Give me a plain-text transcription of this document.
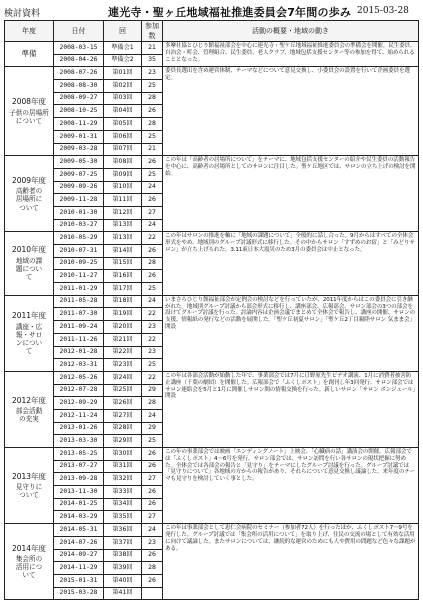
検討資料	連光寺・聖ヶ丘地域福祉推進委員会7年間の歩み 2015-03-28
年度	日付	回	参加数	活動の概要・地域の動き

準備	2008-03-15	準備会1	21	多摩社協とひじり館福祉部会を中心に連光寺・聖ケ丘地域福祉推進委員会の準備会を開催。民生委員、自治会・町会、管理組合、民生委員、老人クラブ、地域包括支援センター等の参加を得て、始められることとなった。
	2008-04-26	準備会2	35	

2008年度
子供の居場所
について	2008-07-26	第01回	23	委員長選出を含め運営体制、テーマなどについて意見交換し、小委員会の設置を行いて企画委員を選定。
	2008-08-30	第02回	25	
	2008-09-27	第03回	28	
	2008-10-25	第04回	26	
	2008-11-29	第05回	28	
	2009-01-31	第06回	25	
	2009-03-28	第07回	21	

2009年度
高齢者の
居場所に
ついて	2009-05-30	第08回	26	この年は「高齢者の居場所について」をテーマに、地域包括支援センターの紹介や民生委員の活動報告を中心に、高齢者の居場所としてのサロンに注目した。聖ケ丘地区では、サロンの立ち上げの検討を開始。
	2009-07-25	第09回	25	
	2009-09-26	第10回	24	
	2009-11-28	第11回	26	
	2010-01-30	第12回	27	
	2010-03-27	第13回	24	

2010年度
地域の課
題につい
て	2010-05-29	第13回	22	この年はサロンの推進を軸に「地域の課題について」全般的に話し合った。9月からはすべての全体会形式をやめ、地域別のグループ討議形式に移行した。その中からサロン「すずめのお宿」と「みどりサロン」が立ち上げられた。3.11東日本大震災のため3月の委員会は中止となった。
	2010-07-31	第14回	26	
	2010-09-25	第15回	28	
	2010-11-27	第16回	26	
	2011-01-29	第17回	25	

2011年度
講座・広
報・サロ
ンについ
て	2011-05-28	第18回	24	いまさらひじり館福祉部会が定例会の検討などを行っていたが、2011年度からはこの委員会に引き継がれた。地域別グループ討議から部会形式に移行し、講座部会、広報部会、サロン部会の3つの部会を設けてグループ討議を行った。討論内容は企画会議でまとめて全体会で報告し、講座の開催、サロンの支援、情報紙の発行などの活動を展開した。「聖ケ丘初夏サロン」「聖ケ丘2丁目親睦サロン 気まま会」開設
	2011-07-30	第19回	22	
	2011-09-24	第20回	23	
	2011-11-26	第21回	22	
	2012-01-28	第22回	23	
	2012-03-31	第23回	25	

2012年度
部会活動
の充実	2012-05-26	第24回	22	この年は各部会活動が始動した年で、事業部会では7月に日野原先生ビデオ講演、1月に消費者被害防止講座（千葉の劇団）を開催した。広報部会で「ふくしポスト」を創刊し年3回発行。サロン部会ではサロン連絡会を5月と1月に開催しサロン間の情報交換を行った。新しいサロン「サロン ボンジュール」開設
	2012-07-28	第25回	29	
	2012-09-29	第26回	28	
	2012-11-24	第27回	24	
	2013-01-26	第28回	29	
	2013-03-30	第29回	25	

2013年度
見守りに
ついて	2013-05-25	第30回	26	この年の事業部会では映画「エンディングノート」上映会、「心臓病の話」講演会の開催。広報部会では「ふくしポスト」4〜6号を発行。サロン部会では、サロン訪問を行い各サロンの現状把握に努めた。全体会では各部会の報告と「見守り」をテーマにしたグループ討議を行った。グループ討議では「見守りについて」各地域の方からの報告があり、それらについて意見交換し議論した。来年度のテーマも見守りを検討していく事とした。
	2013-07-27	第31回	26	
	2013-09-28	第32回	27	
	2013-11-30	第33回	26	
	2014-01-25	第34回	26	
	2014-03-29	第35回	27	

2014年度
集会所の
活用につ
いて	2014-05-31	第36回	24	この年は事業部会として恵仁会病院のセミナー（参加者72人）を行ったほか、ふくしポスト7〜9号を発行した。グループ討議では「集会所の活用について」を取り上げ、住民の交流の場として有効な活用に向けて議論した。またサロンについては、継続的な運営のためにも人や費用の問題など色々な課題がある。
	2014-07-26	第37回	23	
	2014-09-27	第38回	26	
	2014-11-29	第39回	28	
	2015-01-31	第40回	26	
	2015-03-28	第41回		
